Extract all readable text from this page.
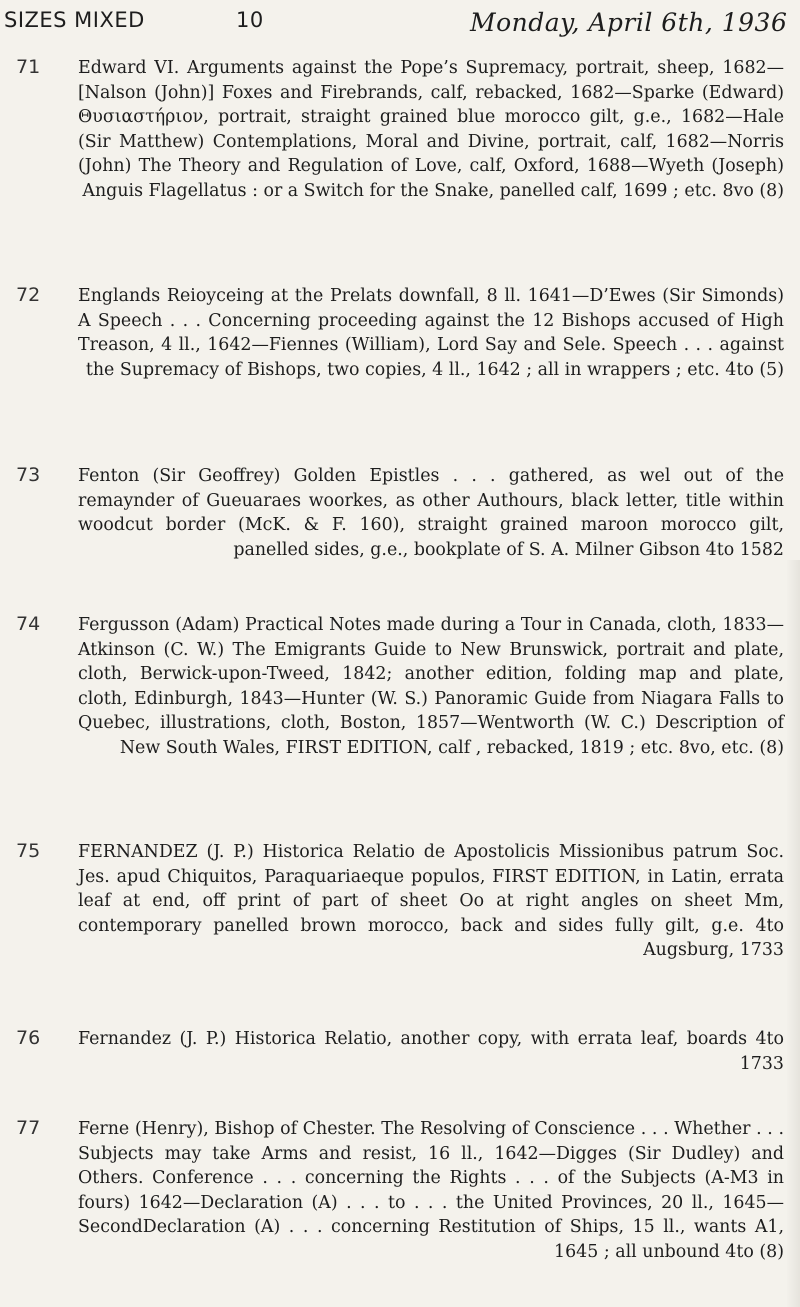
SIZES MIXED	10	Monday, April 6th, 1936
71 Edward VI. Arguments against the Pope’s Supremacy, portrait, sheep, 1682—[Nalson (John)] Foxes and Firebrands, calf, rebacked, 1682—Sparke (Edward) Θυσιαστήριον, portrait, straight grained blue morocco gilt, g.e., 1682—Hale (Sir Matthew) Contemplations, Moral and Divine, portrait, calf, 1682—Norris (John) The Theory and Regulation of Love, calf, Oxford, 1688—Wyeth (Joseph) Anguis Flagellatus : or a Switch for the Snake, panelled calf, 1699 ; etc. 8vo (8)
72 Englands Reioyceing at the Prelats downfall, 8 ll. 1641—D’Ewes (Sir Simonds) A Speech . . . Concerning proceeding against the 12 Bishops accused of High Treason, 4 ll., 1642—Fiennes (William), Lord Say and Sele. Speech . . . against the Supremacy of Bishops, two copies, 4 ll., 1642 ; all in wrappers ; etc. 4to (5)
73 Fenton (Sir Geoffrey) Golden Epistles . . . gathered, as wel out of the remaynder of Gueuaraes woorkes, as other Authours, black letter, title within woodcut border (McK. & F. 160), straight grained maroon morocco gilt, panelled sides, g.e., bookplate of S. A. Milner Gibson 4to 1582
74 Fergusson (Adam) Practical Notes made during a Tour in Canada, cloth, 1833—Atkinson (C. W.) The Emigrants Guide to New Brunswick, portrait and plate, cloth, Berwick-upon-Tweed, 1842; another edition, folding map and plate, cloth, Edinburgh, 1843—Hunter (W. S.) Panoramic Guide from Niagara Falls to Quebec, illustrations, cloth, Boston, 1857—Wentworth (W. C.) Description of New South Wales, FIRST EDITION, calf , rebacked, 1819 ; etc. 8vo, etc. (8)
75 FERNANDEZ (J. P.) Historica Relatio de Apostolicis Missionibus patrum Soc. Jes. apud Chiquitos, Paraquariaeque populos, FIRST EDITION, in Latin, errata leaf at end, off print of part of sheet Oo at right angles on sheet Mm, contemporary panelled brown morocco, back and sides fully gilt, g.e. 4to Augsburg, 1733
76 Fernandez (J. P.) Historica Relatio, another copy, with errata leaf, boards 4to 1733
77 Ferne (Henry), Bishop of Chester. The Resolving of Conscience . . . Whether . . . Subjects may take Arms and resist, 16 ll., 1642—Digges (Sir Dudley) and Others. Conference . . . concerning the Rights . . . of the Subjects (A-M3 in fours) 1642—Declaration (A) . . . to . . . the United Provinces, 20 ll., 1645—SecondDeclaration (A) . . . concerning Restitution of Ships, 15 ll., wants A1, 1645 ; all unbound 4to (8)
